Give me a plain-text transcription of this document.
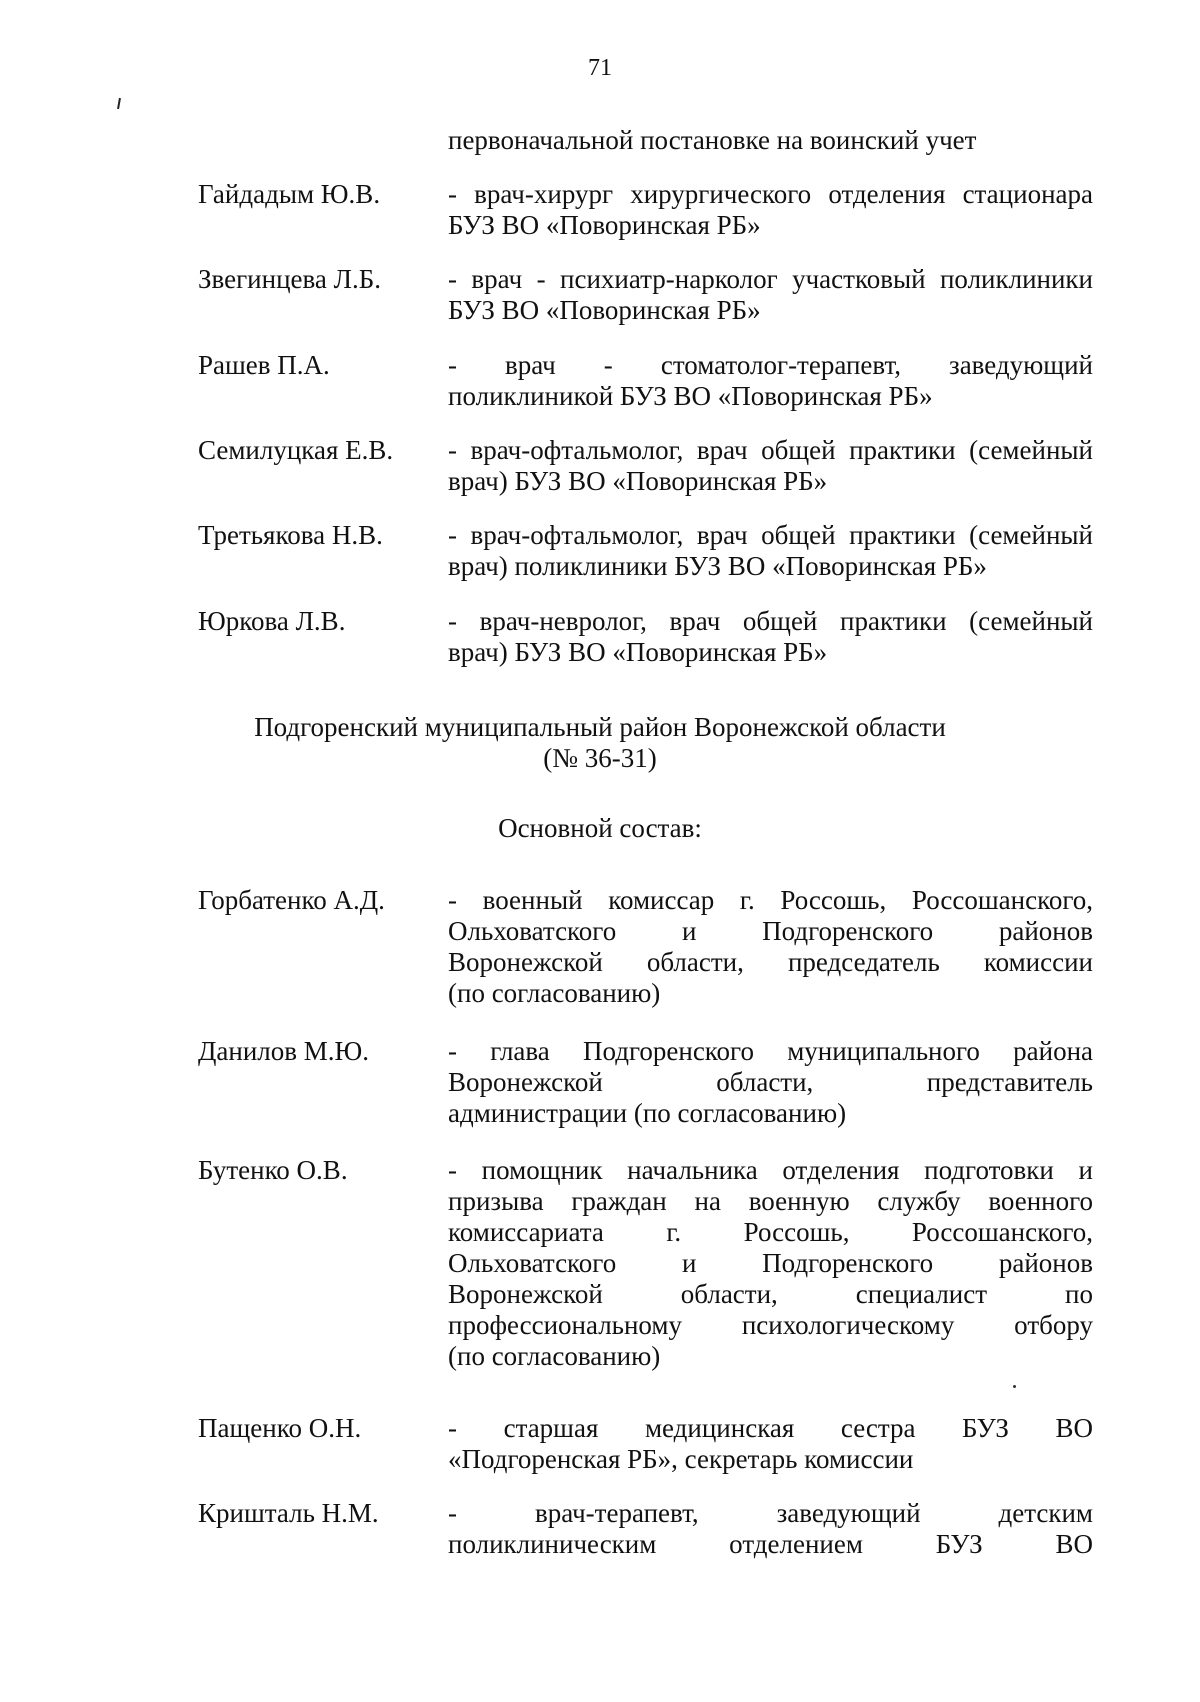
71
первоначальной постановке на воинский учет
Гайдадым Ю.В.	- врач-хирург хирургического отделения стационара
БУЗ ВО «Поворинская РБ»
Звегинцева Л.Б. - врач - психиатр-нарколог участковый поликлиники
БУЗ ВО «Поворинская РБ»
Рашев П.А.	- врач - стоматолог-терапевт, заведующий
поликлиникой БУЗ ВО «Поворинская РБ»
Семилуцкая Е.В. - врач-офтальмолог, врач общей практики (семейный
врач) БУЗ ВО «Поворинская РБ»
Третьякова Н.В. - врач-офтальмолог, врач общей практики (семейный
врач) поликлиники БУЗ ВО «Поворинская РБ»
Юркова Л.В.	- врач-невролог, врач общей практики (семейный
врач) БУЗ ВО «Поворинская РБ»
Подгоренский муниципальный район Воронежской области
(№ 36-31)
Основной состав:
Горбатенко А.Д. - военный комиссар г. Россошь, Россошанского,
Ольховатского и Подгоренского районов
Воронежской области, председатель комиссии
(по согласованию)
Данилов М.Ю.	- глава Подгоренского муниципального района
Воронежской области, представитель
администрации (по согласованию)
Бутенко О.В.	- помощник начальника отделения подготовки и
призыва граждан на военную службу военного
комиссариата г. Россошь, Россошанского,
Ольховатского и Подгоренского районов
Воронежской области, специалист по
профессиональному психологическому отбору
(по согласованию)
Пащенко О.Н.	- старшая медицинская сестра БУЗ ВО
«Подгоренская РБ», секретарь комиссии
Кришталь Н.М.	- врач-терапевт, заведующий детским
поликлиническим отделением БУЗ ВО
